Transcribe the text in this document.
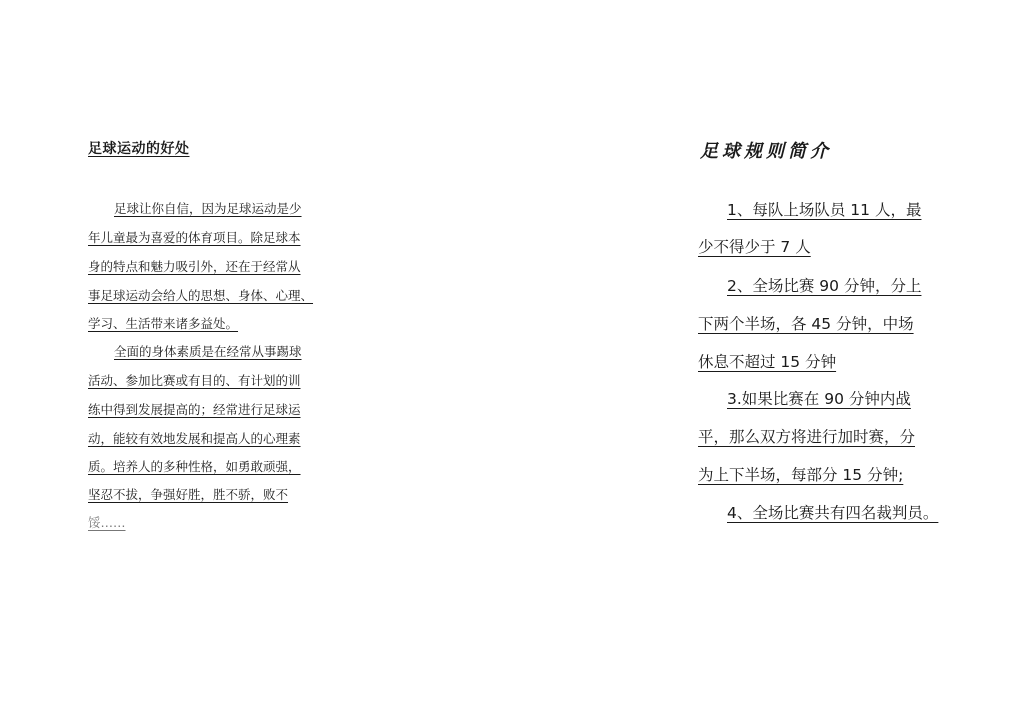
足球运动的好处
足球让你自信，因为足球运动是少
年儿童最为喜爱的体育项目。除足球本
身的特点和魅力吸引外，还在于经常从
事足球运动会给人的思想、身体、心理、
学习、生活带来诸多益处。
全面的身体素质是在经常从事踢球
活动、参加比赛或有目的、有计划的训
练中得到发展提高的；经常进行足球运
动，能较有效地发展和提高人的心理素
质。培养人的多种性格，如勇敢顽强，
坚忍不拔，争强好胜，胜不骄，败不
馁……
足球规则简介
1、每队上场队员 11 人，最
少不得少于 7 人
2、全场比赛 90 分钟，分上
下两个半场，各 45 分钟，中场
休息不超过 15 分钟
3.如果比赛在 90 分钟内战
平，那么双方将进行加时赛，分
为上下半场，每部分 15 分钟;
4、全场比赛共有四名裁判员。
